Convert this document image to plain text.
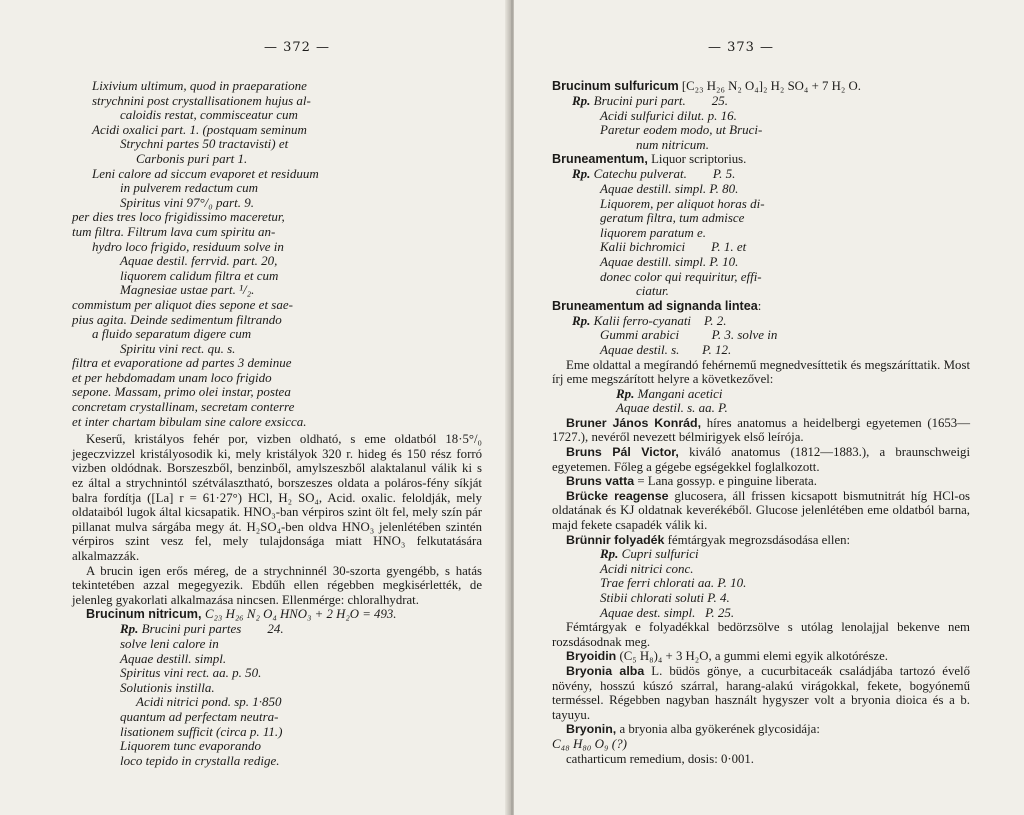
— 372 —
Lixivium ultimum, quod in praeparatione
strychnini post crystallisationem hujus al-
caloidis restat, commisceatur cum
Acidi oxalici part. 1. (postquam seminum
Strychni partes 50 tractavisti) et
Carbonis puri part 1.
Leni calore ad siccum evaporet et residuum
in pulverem redactum cum
Spiritus vini 97°/₀ part. 9.
per dies tres loco frigidissimo maceretur,
tum filtra. Filtrum lava cum spiritu an-
hydro loco frigido, residuum solve in
Aquae destil. ferrvid. part. 20,
liquorem calidum filtra et cum
Magnesiae ustae part. ¹/₂.
commistum per aliquot dies sepone et sae-
pius agita. Deinde sedimentum filtrando
a fluido separatum digere cum
Spiritu vini rect. qu. s.
filtra et evaporatione ad partes 3 deminue
et per hebdomadam unam loco frigido
sepone. Massam, primo olei instar, postea
concretam crystallinam, secretam conterre
et inter chartam bibulam sine calore exsicca.

Keserű, kristályos fehér por, vizben oldható, s eme oldatból 18·5°/₀ jegeczvizzel kristályosodik ki, mely kristályok 320 r. hideg és 150 rész forró vizben oldódnak. Borszeszből, benzinből, amylszeszből alaktalanul válik ki s ez által a strychnintól szétválasztható, borszeszes oldata a poláros-fény síkját balra fordítja ([La] r = 61·27°) HCl, H₂ SO₄, Acid. oxalic. feloldják, mely oldataiból lugok által kicsapatik. HNO₃-ban vérpiros szint ölt fel, mely szín pár pillanat mulva sárgába megy át. H₂SO₄-ben oldva HNO₃ jelenlétében szintén vérpiros szint vesz fel, mely tulajdonsága miatt HNO₃ felkutatására alkalmazzák.

A brucin igen erős méreg, de a strychninnél 30-szorta gyengébb, s hatás tekintetében azzal megegyezik. Ebdűh ellen régebben megkisérlették, de jelenleg gyakorlati alkalmazása nincsen. Ellenmérge: chloralhydrat.

Brucinum nitricum, C₂₃ H₂₆ N₂ O₄ HNO₃ + 2 H₂O = 493.
Rp. Brucini puri partes        24.
solve leni calore in
Aquae destill. simpl.
Spiritus vini rect. aa. p. 50.
Solutionis instilla.
Acidi nitrici pond. sp. 1·850
quantum ad perfectam neutra-
lisationem sufficit (circa p. 11.)
Liquorem tunc evaporando
loco tepido in crystalla redige.
— 373 —
Brucinum sulfuricum [C₂₃ H₂₆ N₂ O₄]₂ H₂ SO₄ + 7 H₂ O.
Rp. Brucini puri part.        25.
Acidi sulfurici dilut. p. 16.
Paretur eodem modo, ut Bruci-
num nitricum.
Bruneamentum, Liquor scriptorius.
Rp. Catechu pulverat.        P. 5.
Aquae destill. simpl. P. 80.
Liquorem, per aliquot horas di-
geratum filtra, tum admisce
liquorem paratum e.
Kalii bichromici        P. 1. et
Aquae destill. simpl. P. 10.
donec color qui requiritur, effi-
ciatur.
Bruneamentum ad signanda lintea:
Rp. Kalii ferro-cyanati    P. 2.
Gummi arabici          P. 3. solve in
Aquae destil. s.       P. 12.
Eme oldattal a megírandó fehérnemű megnedvesíttetik és megszáríttatik. Most írj eme megszárított helyre a következővel:
Rp. Mangani acetici
Aquae destil. s. aa. P.
Bruner János Konrád, híres anatomus a heidelbergi egyetemen (1653—1727.), nevéről nevezett bélmirigyek első leírója.
Bruns Pál Victor, kiváló anatomus (1812—1883.), a braunschweigi egyetemen. Főleg a gégebe egségekkel foglalkozott.
Bruns vatta = Lana gossyp. e pinguine liberata.
Brücke reagense glucosera, áll frissen kicsapott bismutnitrát híg HCl-os oldatának és KJ oldatnak keverékéből. Glucose jelenlétében eme oldatból barna, majd fekete csapadék válik ki.
Brünnir folyadék fémtárgyak megrozsdásodása ellen:
Rp. Cupri sulfurici
Acidi nitrici conc.
Trae ferri chlorati aa. P. 10.
Stibii chlorati soluti P. 4.
Aquae dest. simpl.   P. 25.
Fémtárgyak e folyadékkal bedörzsölve s utólag lenolajjal bekenve nem rozsdásodnak meg.
Bryoidin (C₅ H₈)₄ + 3 H₂O, a gummi elemi egyik alkotórésze.
Bryonia alba L. büdös gönye, a cucurbitaceák családjába tartozó évelő növény, hosszú kúszó szárral, harang-alakú virágokkal, fekete, bogyónemű terméssel. Régebben nagyban használt hygyszer volt a bryonia dioica és a b. tayuyu.
Bryonin, a bryonia alba gyökerének glycosidája:
C₄₈ H₈₀ O₉ (?)
catharticum remedium, dosis: 0·001.
